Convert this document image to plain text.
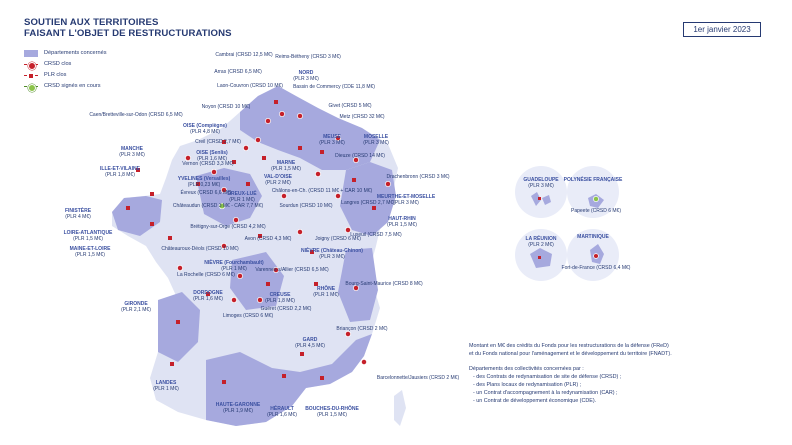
SOUTIEN AUX TERRITOIRES
FAISANT L'OBJET DE RESTRUCTURATIONS	1er janvier 2023
Départements concernés
CRSD clos
PLR clos
CRSD signés en cours
Cambrai (CRSD 12,5 M€) Reims-Bétheny (CRSD 3 M€)
NORD
(PLR 3 M€)
Arras (CRSD 6,5 M€)
Laon-Couvron (CRSD 10 M€) Bassin de Commercy (CDE 11,8 M€)
Givet (CRSD 5 M€)
Noyon (CRSD 10 M€)
Caen/Bretteville-sur-Odon (CRSD 6,5 M€)
OISE (Compiègne)
(PLR 4,8 M€)
Creil (CRSD 2,7 M€)
OISE (Senlis)
(PLR 1,6 M€)
Metz (CRSD 32 M€)
MEUSE
(PLR 3 M€)
MOSELLE
(PLR 3 M€)
Dieuze (CRSD 14 M€)
MANCHE
(PLR 3 M€)
ILLE-ET-VILAINE
(PLR 1,8 M€)
YVELINES (Versailles)
(PLR 0,23 M€)
Vernon (CRSD 3,3 M€)	MARNE
(PLR 1,5 M€)
VAL-D'OISE
(PLR 2 M€)
Drachenbronn (CRSD 3 M€)
Évreux (CRSD 6,6 M€)
DREUX-LUÉ
(PLR 1 M€)
Châlons-en-Ch. (CRSD 11 M€ + CAR 10 M€)
Sourdun (CRSD 10 M€) Langres (CRSD 2,7 M€)
MEURTHE-ET-MOSELLE
(PLR 3 M€)
HAUT-RHIN
(PLR 1,5 M€)
FINISTÈRE
(PLR 4 M€)
Châteaudun (CRSD 3 M€ - CAR 7,7 M€)
Brétigny-sur-Orge (CRSD 4,2 M€)
Avon (CRSD 4,3 M€)	Joigny (CRSD 6 M€)
Luxeuil (CRSD 7,5 M€)
LOIRE-ATLANTIQUE
(PLR 1,5 M€)
MAINE-ET-LOIRE
(PLR 1,5 M€)
Châteauroux-Déols (CRSD 10 M€)
NIÈVRE (Fourchambault)
(PLR 1 M€)
NIÈVRE (Château-Chinon)
(PLR 3 M€)
Varennes-s/Allier (CRSD 6,5 M€)
La Rochelle (CRSD 6 M€)
RHÔNE
(PLR 1 M€)
Bourg-Saint-Maurice (CRSD 8 M€)
DORDOGNE
(PLR 1,6 M€)
GIRONDE
(PLR 2,1 M€)
CREUSE
(PLR 1,8 M€)
Limoges (CRSD 6 M€)
Guéret (CRSD 2,2 M€)
GARD
(PLR 4,5 M€)
Briançon (CRSD 2 M€)
LANDES
(PLR 1 M€)
Barcelonnette/Jausiers (CRSD 2 M€)
HAUTE-GARONNE
(PLR 1,9 M€)	HÉRAULT
(PLR 1,6 M€)
BOUCHES-DU-RHÔNE
(PLR 1,5 M€)
GUADELOUPE
(PLR 3 M€)
POLYNÉSIE FRANÇAISE
Papeete (CRSD 6 M€)
LA RÉUNION
(PLR 2 M€)
MARTINIQUE
Fort-de-France (CRSD 6,4 M€)
Montant en M€ des crédits du Fonds pour les restructurations de la défense (FReD)
et du Fonds national pour l'aménagement et le développement du territoire (FNADT).
Départements des collectivités concernées par :
- des Contrats de redynamisation de site de défense (CRSD) ;
- des Plans locaux de redynamisation (PLR) ;
- un Contrat d'accompagnement à la redynamisation (CAR) ;
- un Contrat de développement économique (CDE).
